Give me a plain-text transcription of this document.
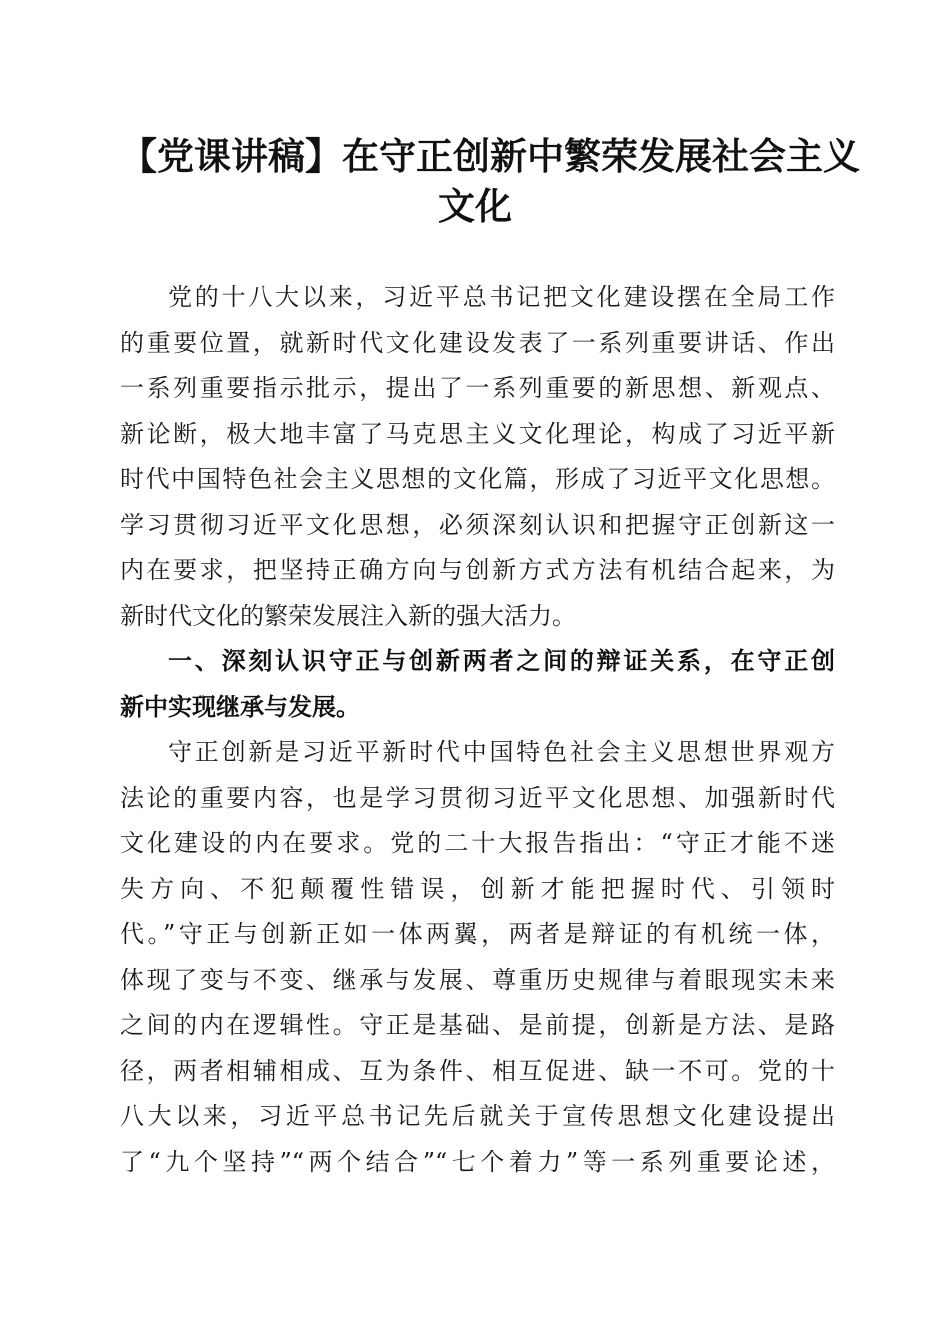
【党课讲稿】在守正创新中繁荣发展社会主义
文化
党的十八大以来，习近平总书记把文化建设摆在全局工作
的重要位置，就新时代文化建设发表了一系列重要讲话、作出
一系列重要指示批示，提出了一系列重要的新思想、新观点、
新论断，极大地丰富了马克思主义文化理论，构成了习近平新
时代中国特色社会主义思想的文化篇，形成了习近平文化思想。
学习贯彻习近平文化思想，必须深刻认识和把握守正创新这一
内在要求，把坚持正确方向与创新方式方法有机结合起来，为
新时代文化的繁荣发展注入新的强大活力。
一、深刻认识守正与创新两者之间的辩证关系，在守正创
新中实现继承与发展。
守正创新是习近平新时代中国特色社会主义思想世界观方
法论的重要内容，也是学习贯彻习近平文化思想、加强新时代
文化建设的内在要求。党的二十大报告指出：“守正才能不迷
失方向、不犯颠覆性错误，创新才能把握时代、引领时
代。”守正与创新正如一体两翼，两者是辩证的有机统一体，
体现了变与不变、继承与发展、尊重历史规律与着眼现实未来
之间的内在逻辑性。守正是基础、是前提，创新是方法、是路
径，两者相辅相成、互为条件、相互促进、缺一不可。党的十
八大以来，习近平总书记先后就关于宣传思想文化建设提出
了“九个坚持”“两个结合”“七个着力”等一系列重要论述，
